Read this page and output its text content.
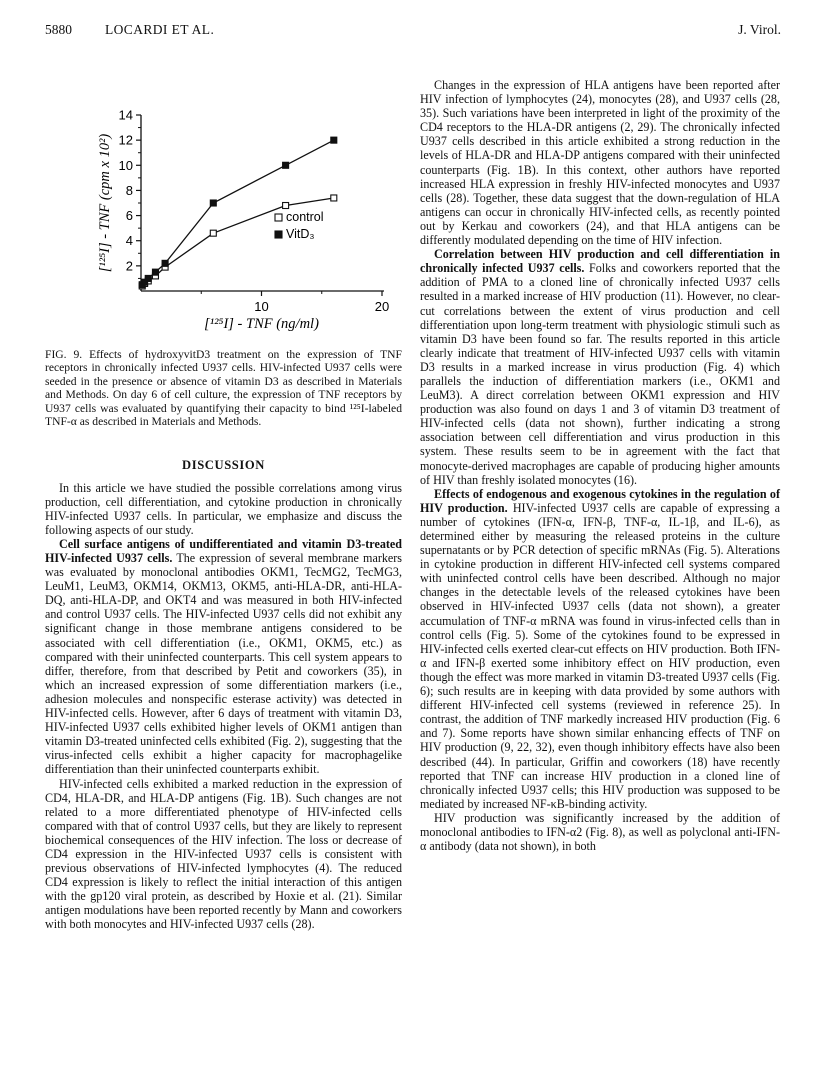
5880 LOCARDI ET AL.	J. Virol.
2
4
6
8
10
12
14
10	20
control
VitD₃
[¹²⁵I] - TNF (ng/ml)
[¹²⁵I] - TNF (cpm x 10²)
FIG. 9. Effects of hydroxyvitD3 treatment on the expression of TNF receptors in chronically infected U937 cells. HIV-infected U937 cells were seeded in the presence or absence of vitamin D3 as described in Materials and Methods. On day 6 of cell culture, the expression of TNF receptors by U937 cells was evaluated by quantifying their capacity to bind ¹²⁵I-labeled TNF-α as described in Materials and Methods.
DISCUSSION

In this article we have studied the possible correlations among virus production, cell differentiation, and cytokine production in chronically HIV-infected U937 cells. In particular, we emphasize and discuss the following aspects of our study.

Cell surface antigens of undifferentiated and vitamin D3-treated HIV-infected U937 cells. The expression of several membrane markers was evaluated by monoclonal antibodies OKM1, TecMG2, TecMG3, LeuM1, LeuM3, OKM14, OKM13, OKM5, anti-HLA-DR, anti-HLA-DQ, anti-HLA-DP, and OKT4 and was measured in both HIV-infected and control U937 cells. The HIV-infected U937 cells did not exhibit any significant change in those membrane antigens considered to be associated with cell differentiation (i.e., OKM1, OKM5, etc.) as compared with their uninfected counterparts. This cell system appears to differ, therefore, from that described by Petit and coworkers (35), in which an increased expression of some differentiation markers (i.e., adhesion molecules and nonspecific esterase activity) was detected in HIV-infected cells. However, after 6 days of treatment with vitamin D3, HIV-infected U937 cells exhibited higher levels of OKM1 antigen than vitamin D3-treated uninfected cells exhibited (Fig. 2), suggesting that the virus-infected cells exhibit a higher capacity for macrophagelike differentiation than their uninfected counterparts exhibit.

HIV-infected cells exhibited a marked reduction in the expression of CD4, HLA-DR, and HLA-DP antigens (Fig. 1B). Such changes are not related to a more differentiated phenotype of HIV-infected cells compared with that of control U937 cells, but they are likely to represent biochemical consequences of the HIV infection. The loss or decrease of CD4 expression in the HIV-infected U937 cells is consistent with previous observations of HIV-infected lymphocytes (4). The reduced CD4 expression is likely to reflect the initial interaction of this antigen with the gp120 viral protein, as described by Hoxie et al. (21). Similar antigen modulations have been reported recently by Mann and coworkers with both monocytes and HIV-infected U937 cells (28).

Changes in the expression of HLA antigens have been reported after HIV infection of lymphocytes (24), monocytes (28), and U937 cells (28, 35). Such variations have been interpreted in light of the proximity of the CD4 receptors to the HLA-DR antigens (2, 29). The chronically infected U937 cells described in this article exhibited a strong reduction in the levels of HLA-DR and HLA-DP antigens compared with their uninfected counterparts (Fig. 1B). In this context, other authors have reported increased HLA expression in freshly HIV-infected monocytes and U937 cells (28). Together, these data suggest that the down-regulation of HLA antigens can occur in chronically HIV-infected cells, as recently pointed out by Kerkau and coworkers (24), and that HLA antigens can be differently modulated depending on the time of HIV infection.

Correlation between HIV production and cell differentiation in chronically infected U937 cells. Folks and coworkers reported that the addition of PMA to a cloned line of chronically infected U937 cells resulted in a marked increase of HIV production (11). However, no clear-cut correlations between the extent of virus production and cell differentiation upon long-term treatment with physiologic stimuli such as vitamin D3 have been found so far. The results reported in this article clearly indicate that treatment of HIV-infected U937 cells with vitamin D3 results in a marked increase in virus production (Fig. 4) which parallels the induction of differentiation markers (i.e., OKM1 and LeuM3). A direct correlation between OKM1 expression and HIV production was also found on days 1 and 3 of vitamin D3 treatment of HIV-infected cells (data not shown), further indicating a strong association between cell differentiation and virus production in this system. These results seem to be in agreement with the fact that monocyte-derived macrophages are capable of producing higher amounts of HIV than freshly isolated monocytes (16).

Effects of endogenous and exogenous cytokines in the regulation of HIV production. HIV-infected U937 cells are capable of expressing a number of cytokines (IFN-α, IFN-β, TNF-α, IL-1β, and IL-6), as determined either by measuring the released proteins in the culture supernatants or by PCR detection of specific mRNAs (Fig. 5). Alterations in cytokine production in different HIV-infected cell systems compared with uninfected control cells have been described. Although no major changes in the detectable levels of the released cytokines have been observed in HIV-infected U937 cells (data not shown), a greater accumulation of TNF-α mRNA was found in virus-infected cells than in control cells (Fig. 5). Some of the cytokines found to be expressed in HIV-infected cells exerted clear-cut effects on HIV production. Both IFN-α and IFN-β exerted some inhibitory effect on HIV production, even though the effect was more marked in vitamin D3-treated U937 cells (Fig. 6); such results are in keeping with data provided by some authors with different HIV-infected cell systems (reviewed in reference 25). In contrast, the addition of TNF markedly increased HIV production (Fig. 6 and 7). Some reports have shown similar enhancing effects of TNF on HIV production (9, 22, 32), even though inhibitory effects have also been described (44). In particular, Griffin and coworkers (18) have recently reported that TNF can increase HIV production in a cloned line of chronically infected U937 cells; this HIV production was supposed to be mediated by increased NF-κB-binding activity.

HIV production was significantly increased by the addition of monoclonal antibodies to IFN-α2 (Fig. 8), as well as polyclonal anti-IFN-α antibody (data not shown), in both
